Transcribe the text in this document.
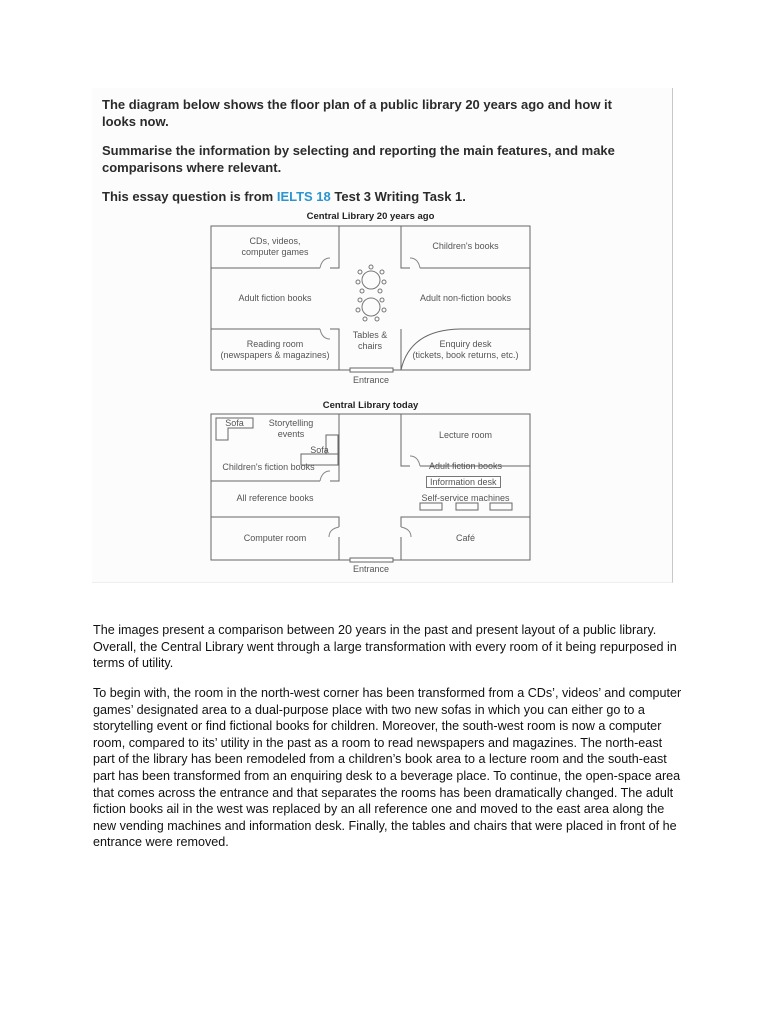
The diagram below shows the floor plan of a public library 20 years ago and how it looks now.
Summarise the information by selecting and reporting the main features, and make comparisons where relevant.
This essay question is from IELTS 18 Test 3 Writing Task 1.
Central Library 20 years ago
CDs, videos,
computer games
Children's books
Adult fiction books	Adult non-fiction books
Reading room
(newspapers & magazines)
Enquiry desk
(tickets, book returns, etc.)
Tables &
chairs
Entrance
Central Library today
Sofa	Storytelling
events
Sofa
Children's fiction books
Lecture room
Adult fiction books
Information desk
Self-service machines
All reference books
Computer room	Café
Entrance
The images present a comparison between 20 years in the past and present layout of a public library. Overall, the Central Library went through a large transformation with every room of it being repurposed in terms of utility.
To begin with, the room in the north-west corner has been transformed from a CDs’, videos’ and computer games’ designated area to a dual-purpose place with two new sofas in which you can either go to a storytelling event or find fictional books for children. Moreover, the south-west room is now a computer room, compared to its’ utility in the past as a room to read newspapers and magazines. The north-east part of the library has been remodeled from a children’s book area to a lecture room and the south-east part has been transformed from an enquiring desk to a beverage place. To continue, the open-space area that comes across the entrance and that separates the rooms has been dramatically changed. The adult fiction books ail in the west was replaced by an all reference one and moved to the east area along the new vending machines and information desk. Finally, the tables and chairs that were placed in front of he entrance were removed.
